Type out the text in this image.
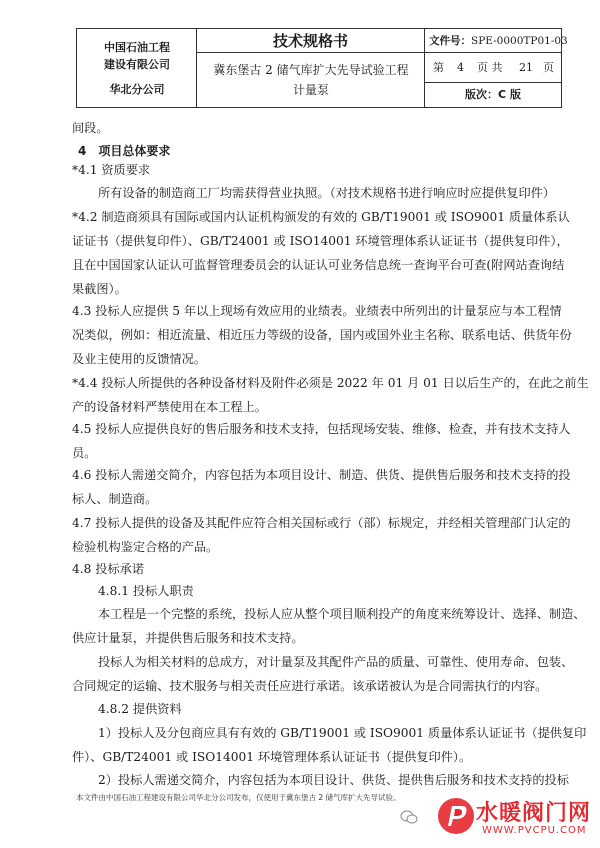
中国石油工程
建设有限公司
华北分公司
技术规格书
冀东堡古 2 储气库扩大先导试验工程
计量泵
文件号：SPE-0000TP01-03
第 4 页 共 21 页
版次：C 版
间段。
4　项目总体要求
*4.1 资质要求
所有设备的制造商工厂均需获得营业执照。（对技术规格书进行响应时应提供复印件）
*4.2 制造商须具有国际或国内认证机构颁发的有效的 GB/T19001 或 ISO9001 质量体系认
证证书（提供复印件）、GB/T24001 或 ISO14001 环境管理体系认证证书（提供复印件），
且在中国国家认证认可监督管理委员会的认证认可业务信息统一查询平台可查(附网站查询结
果截图）。
4.3 投标人应提供 5 年以上现场有效应用的业绩表。业绩表中所列出的计量泵应与本工程情
况类似，例如：相近流量、相近压力等级的设备，国内或国外业主名称、联系电话、供货年份
及业主使用的反馈情况。
*4.4 投标人所提供的各种设备材料及附件必须是 2022 年 01 月 01 日以后生产的，在此之前生
产的设备材料严禁使用在本工程上。
4.5 投标人应提供良好的售后服务和技术支持，包括现场安装、维修、检查，并有技术支持人
员。
4.6 投标人需递交简介，内容包括为本项目设计、制造、供货、提供售后服务和技术支持的投
标人、制造商。
4.7 投标人提供的设备及其配件应符合相关国标或行（部）标规定，并经相关管理部门认定的
检验机构鉴定合格的产品。
4.8 投标承诺
4.8.1 投标人职责
本工程是一个完整的系统，投标人应从整个项目顺利投产的角度来统筹设计、选择、制造、
供应计量泵，并提供售后服务和技术支持。
投标人为相关材料的总成方，对计量泵及其配件产品的质量、可靠性、使用寿命、包装、
合同规定的运输、技术服务与相关责任应进行承诺。该承诺被认为是合同需执行的内容。
4.8.2 提供资料
1）投标人及分包商应具有有效的 GB/T19001 或 ISO9001 质量体系认证证书（提供复印
件）、GB/T24001 或 ISO14001 环境管理体系认证证书（提供复印件）。
2）投标人需递交简介，内容包括为本项目设计、供货、提供售后服务和技术支持的投标
本文件由中国石油工程建设有限公司华北分公司发布，仅使用于冀东堡古 2 储气库扩大先导试验。
水暖阀门网
WWW.PVCPU.COM
